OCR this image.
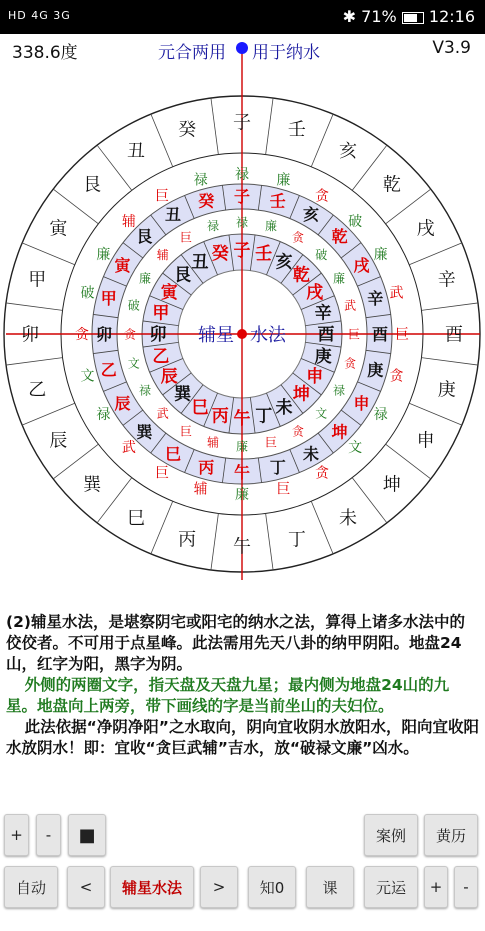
HD 4G 3G	✱ 71% 12:16
338.6度	元合两用 用于纳水	V3.9
午 丁
未
坤
申
庚
酉
辛
戌
乾
亥
壬
子
癸
丑
艮
寅
甲
卯
乙
辰
巽
巳
丙
廉 巨
贪
文
禄
贪
巨
武
廉
破
贪
廉
禄
禄
巨
辅
廉
破
贪
文
禄
武
巨
辅
廉 巨
贪
文
禄
贪
巨
武
廉
破
贪
廉
禄
禄
巨
辅
廉
破
贪
文
禄
武
巨
辅
午 丁
未
坤
申
庚
酉
辛
戌
乾
亥
壬
子
癸
丑
艮
寅
甲
卯
乙
辰
巽
巳
丙
午 丁 未
坤
申
庚
酉
辛
戌
乾
亥
壬
子
癸
丑
艮
寅
甲
卯
乙
辰
巽
巳 丙
辅星 水法

(2)辅星水法，是堪察阴宅或阳宅的纳水之法，算得上诸多水法中的佼佼者。不可用于点星峰。此法需用先天八卦的纳甲阴阳。地盘24山，红字为阳，黑字为阴。

外侧的两圈文字，指天盘及天盘九星；最内侧为地盘24山的九星。地盘向上两旁，带下画线的字是当前坐山的夫妇位。

此法依据“净阴净阳”之水取向，阴向宜收阴水放阳水，阳向宜收阳水放阴水！即：宜收“贪巨武辅”吉水，放“破禄文廉”凶水。

+	-	■	案例	黄历
自动	<	辅星水法	>	知0	课	元运	+	-
